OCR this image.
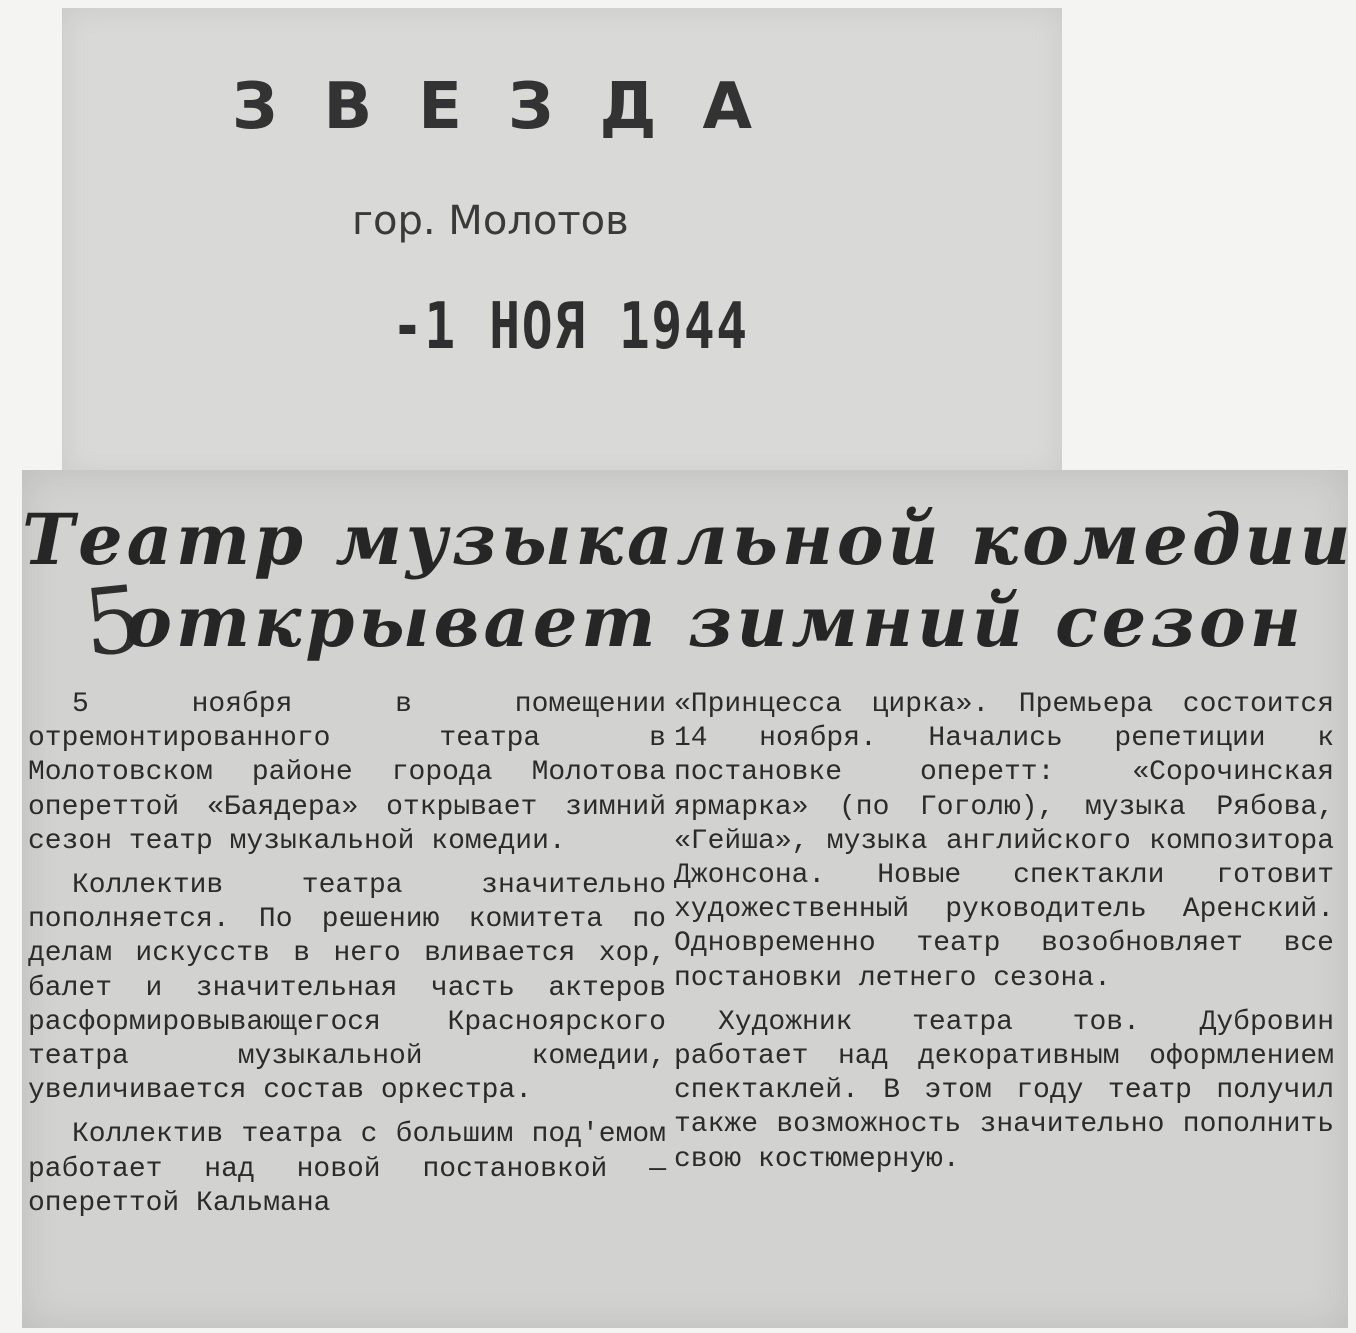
ЗВЕЗДА
гор. Молотов
-1 НОЯ 1944
5
Театр музыкальной комедии
открывает зимний сезон

5 ноября в помещении отремонтированного театра в Молотовском районе города Молотова опереттой «Баядера» открывает зимний сезон театр музыкальной комедии.

Коллектив театра значительно пополняется. По решению комитета по делам искусств в него вливается хор, балет и значительная часть актеров расформировывающегося Красноярского театра музыкальной комедии, увеличивается состав оркестра.

Коллектив театра с большим под'емом работает над новой постановкой — опереттой Кальмана

«Принцесса цирка». Премьера состоится 14 ноября. Начались репетиции к постановке оперетт: «Сорочинская ярмарка» (по Гоголю), музыка Рябова, «Гейша», музыка английского композитора Джонсона. Новые спектакли готовит художественный руководитель Аренский. Одновременно театр возобновляет все постановки летнего сезона.

Художник театра тов. Дубровин работает над декоративным оформлением спектаклей. В этом году театр получил также возможность значительно пополнить свою костюмерную.
